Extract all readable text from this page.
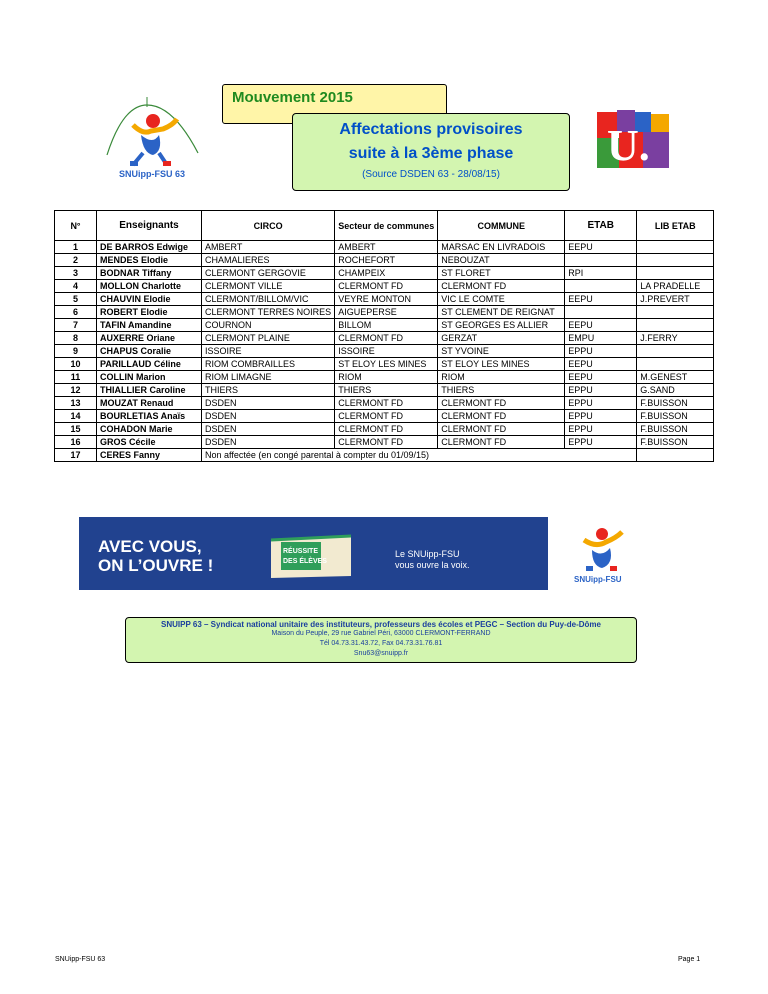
SNUipp-FSU 63
U.
Mouvement 2015
Affectations provisoires
suite à la 3ème phase
(Source DSDEN 63 - 28/08/15)
N°	Enseignants	CIRCO	Secteur de communes	COMMUNE	ETAB	LIB ETAB
1	DE BARROS Edwige	AMBERT	AMBERT	MARSAC EN LIVRADOIS	EEPU	
2	MENDES Elodie	CHAMALIERES	ROCHEFORT	NEBOUZAT		
3	BODNAR Tiffany	CLERMONT GERGOVIE	CHAMPEIX	ST FLORET	RPI	
4	MOLLON Charlotte	CLERMONT VILLE	CLERMONT FD	CLERMONT FD		LA PRADELLE
5	CHAUVIN Elodie	CLERMONT/BILLOM/VIC	VEYRE MONTON	VIC LE COMTE	EEPU	J.PREVERT
6	ROBERT Elodie	CLERMONT TERRES NOIRES	AIGUEPERSE	ST CLEMENT DE REIGNAT		
7	TAFIN Amandine	COURNON	BILLOM	ST GEORGES ES ALLIER	EEPU	
8	AUXERRE Oriane	CLERMONT PLAINE	CLERMONT FD	GERZAT	EMPU	J.FERRY
9	CHAPUS Coralie	ISSOIRE	ISSOIRE	ST YVOINE	EPPU	
10	PARILLAUD Céline	RIOM COMBRAILLES	ST ELOY LES MINES	ST ELOY LES MINES	EEPU	
11	COLLIN Marion	RIOM LIMAGNE	RIOM	RIOM	EEPU	M.GENEST
12	THIALLIER Caroline	THIERS	THIERS	THIERS	EPPU	G.SAND
13	MOUZAT Renaud	DSDEN	CLERMONT FD	CLERMONT FD	EPPU	F.BUISSON
14	BOURLETIAS Anaïs	DSDEN	CLERMONT FD	CLERMONT FD	EPPU	F.BUISSON
15	COHADON Marie	DSDEN	CLERMONT FD	CLERMONT FD	EPPU	F.BUISSON
16	GROS Cécile	DSDEN	CLERMONT FD	CLERMONT FD	EPPU	F.BUISSON
17	CERES Fanny	Non affectée (en congé parental à compter du 01/09/15)				
AVEC VOUS,
ON L’OUVRE !
RÉUSSITE
DES ÉLÈVES
Le SNUipp-FSU
vous ouvre la voix.
SNUipp-FSU
SNUIPP 63 – Syndicat national unitaire des instituteurs, professeurs des écoles et PEGC – Section du Puy-de-Dôme
Maison du Peuple, 29 rue Gabriel Péri, 63000 CLERMONT-FERRAND
Tél 04.73.31.43.72, Fax 04.73.31.76.81
Snu63@snuipp.fr
SNUipp-FSU 63	Page 1
